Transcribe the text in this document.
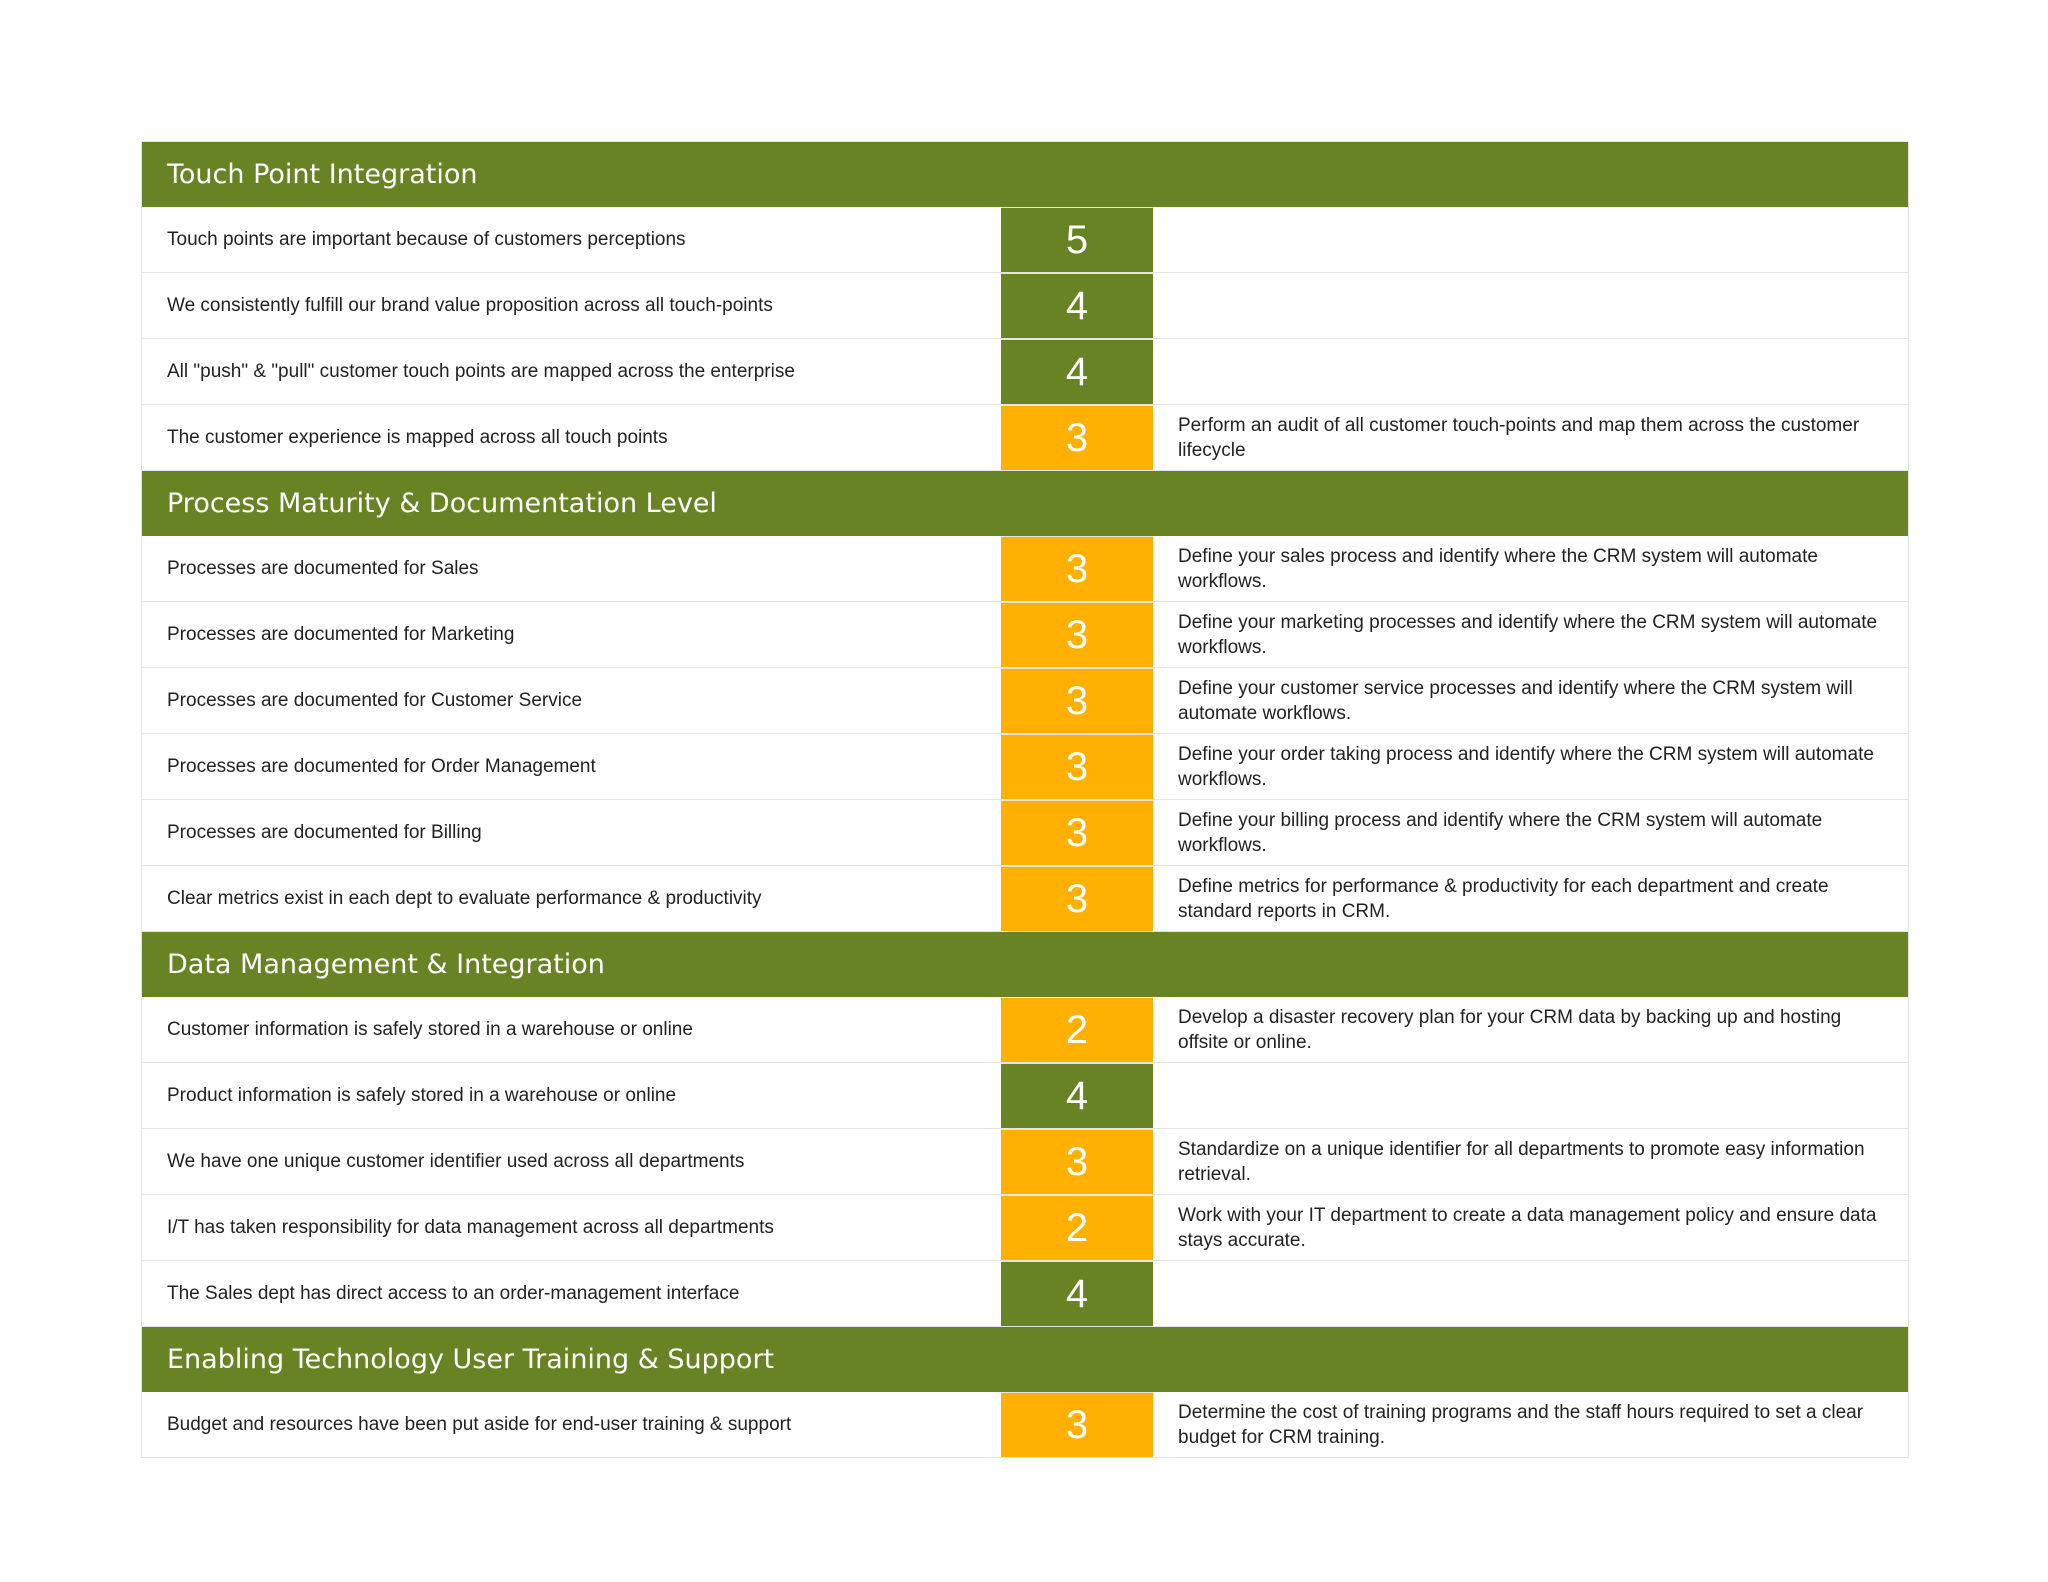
Touch Point Integration
Touch points are important because of customers perceptions	5
We consistently fulfill our brand value proposition across all touch-points	4
All "push" & "pull" customer touch points are mapped across the enterprise	4
The customer experience is mapped across all touch points	3	Perform an audit of all customer touch-points and map them across the customer lifecycle
Process Maturity & Documentation Level
Processes are documented for Sales	3	Define your sales process and identify where the CRM system will automate workflows.
Processes are documented for Marketing	3	Define your marketing processes and identify where the CRM system will automate workflows.
Processes are documented for Customer Service	3	Define your customer service processes and identify where the CRM system will automate workflows.
Processes are documented for Order Management	3	Define your order taking process and identify where the CRM system will automate workflows.
Processes are documented for Billing	3	Define your billing process and identify where the CRM system will automate workflows.
Clear metrics exist in each dept to evaluate performance & productivity	3	Define metrics for performance & productivity for each department and create standard reports in CRM.
Data Management & Integration
Customer information is safely stored in a warehouse or online	2	Develop a disaster recovery plan for your CRM data by backing up and hosting offsite or online.
Product information is safely stored in a warehouse or online	4
We have one unique customer identifier used across all departments	3	Standardize on a unique identifier for all departments to promote easy information retrieval.
I/T has taken responsibility for data management across all departments	2	Work with your IT department to create a data management policy and ensure data stays accurate.
The Sales dept has direct access to an order-management interface	4
Enabling Technology User Training & Support
Budget and resources have been put aside for end-user training & support	3	Determine the cost of training programs and the staff hours required to set a clear budget for CRM training.
